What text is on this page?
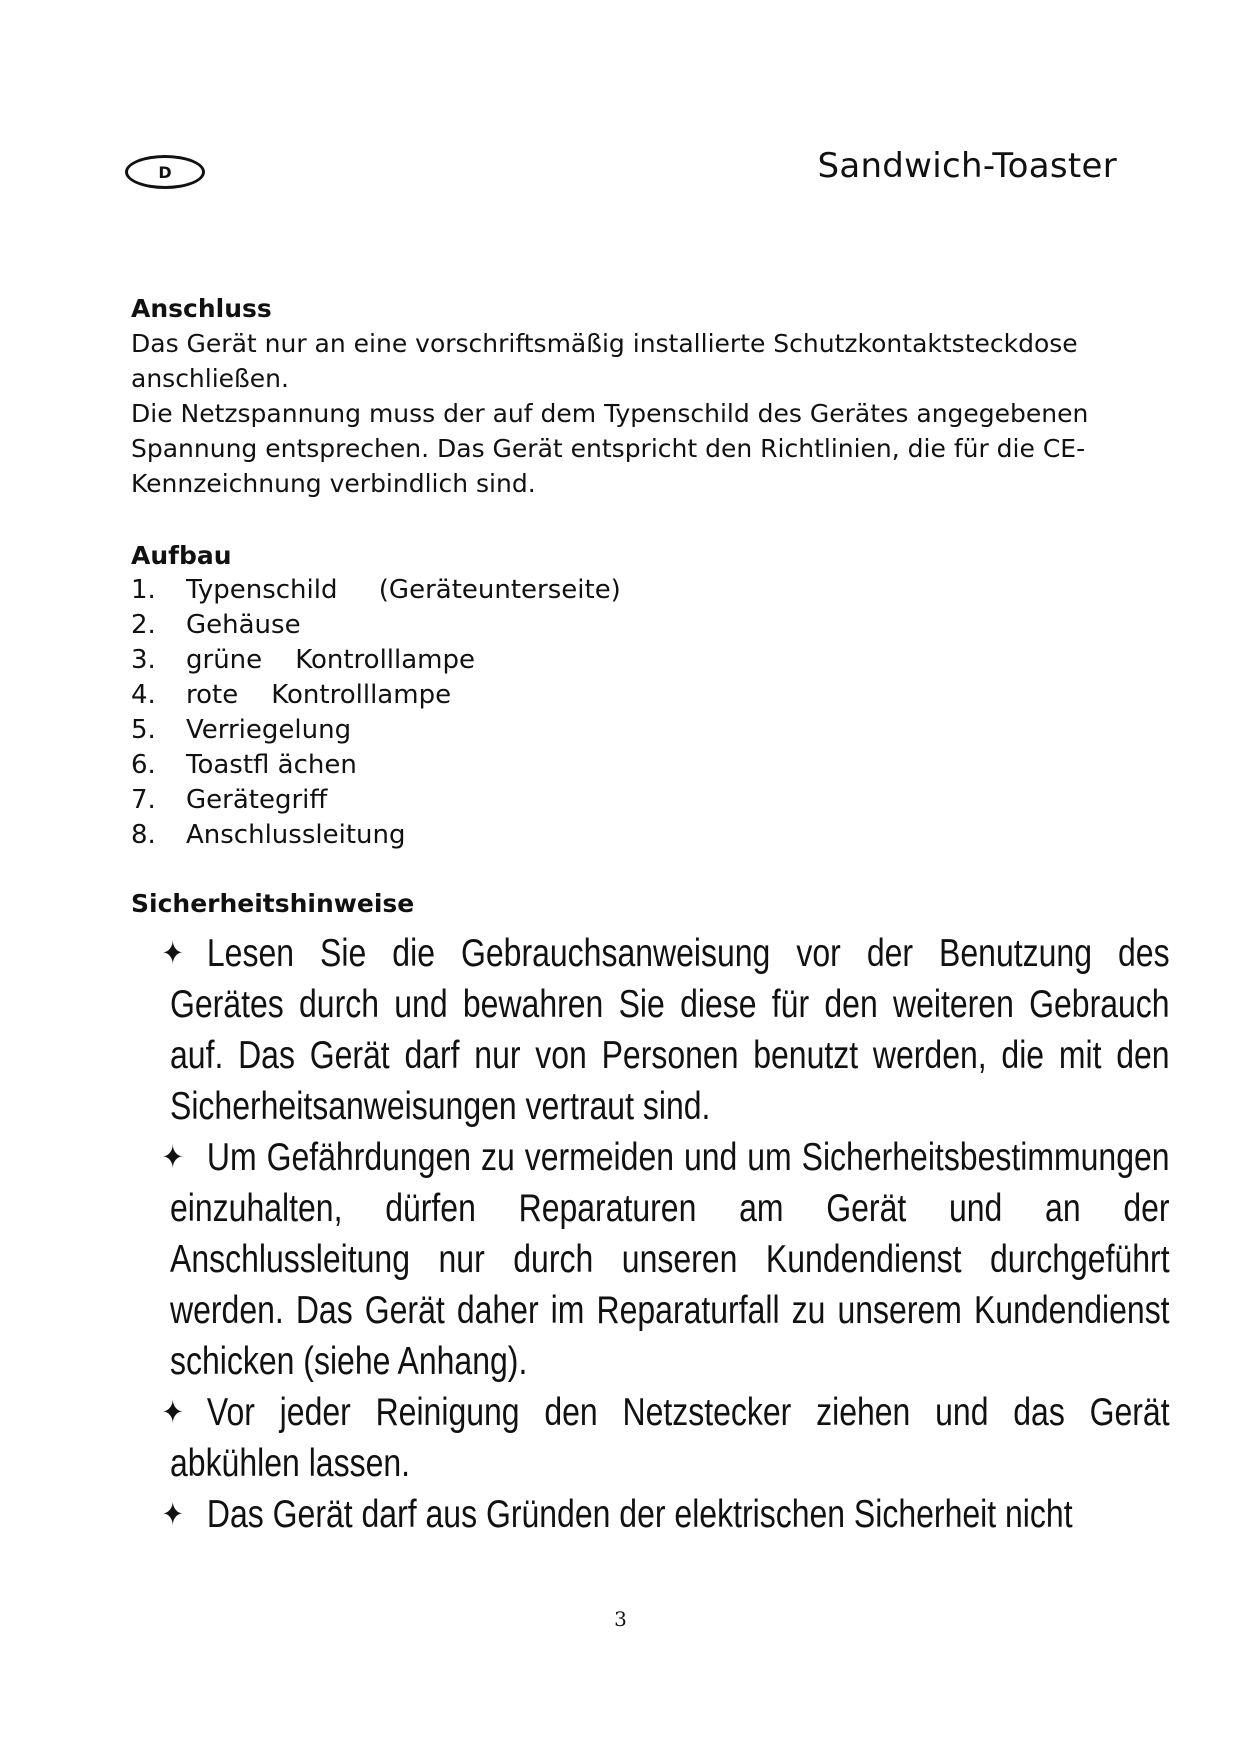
D	Sandwich-Toaster
Anschluss

Das Gerät nur an eine vorschriftsmäßig installierte Schutzkontaktsteckdose

anschließen.

Die Netzspannung muss der auf dem Typenschild des Gerätes angegebenen

Spannung entsprechen. Das Gerät entspricht den Richtlinien, die für die CE-

Kennzeichnung verbindlich sind.

Aufbau
1.	Typenschild     (Geräteunterseite)
2.	Gehäuse
3.	grüne    Kontrolllampe
4.	rote    Kontrolllampe
5.	Verriegelung
6.	Toastfl ächen
7.	Gerätegriff
8.	Anschlussleitung
Sicherheitshinweise

✦ Lesen Sie die Gebrauchsanweisung vor der Benutzung des Gerätes durch und bewahren Sie diese für den weiteren Gebrauch auf. Das Gerät darf nur von Personen benutzt werden, die mit den Sicherheitsanweisungen vertraut sind.

✦ Um Gefährdungen zu vermeiden und um Sicherheitsbestimmungen einzuhalten, dürfen Reparaturen am Gerät und an der Anschlussleitung nur durch unseren Kundendienst durchgeführt werden. Das Gerät daher im Reparaturfall zu unserem Kundendienst schicken (siehe Anhang).

✦ Vor jeder Reinigung den Netzstecker ziehen und das Gerät abkühlen lassen.

✦ Das Gerät darf aus Gründen der elektrischen Sicherheit nicht

3
